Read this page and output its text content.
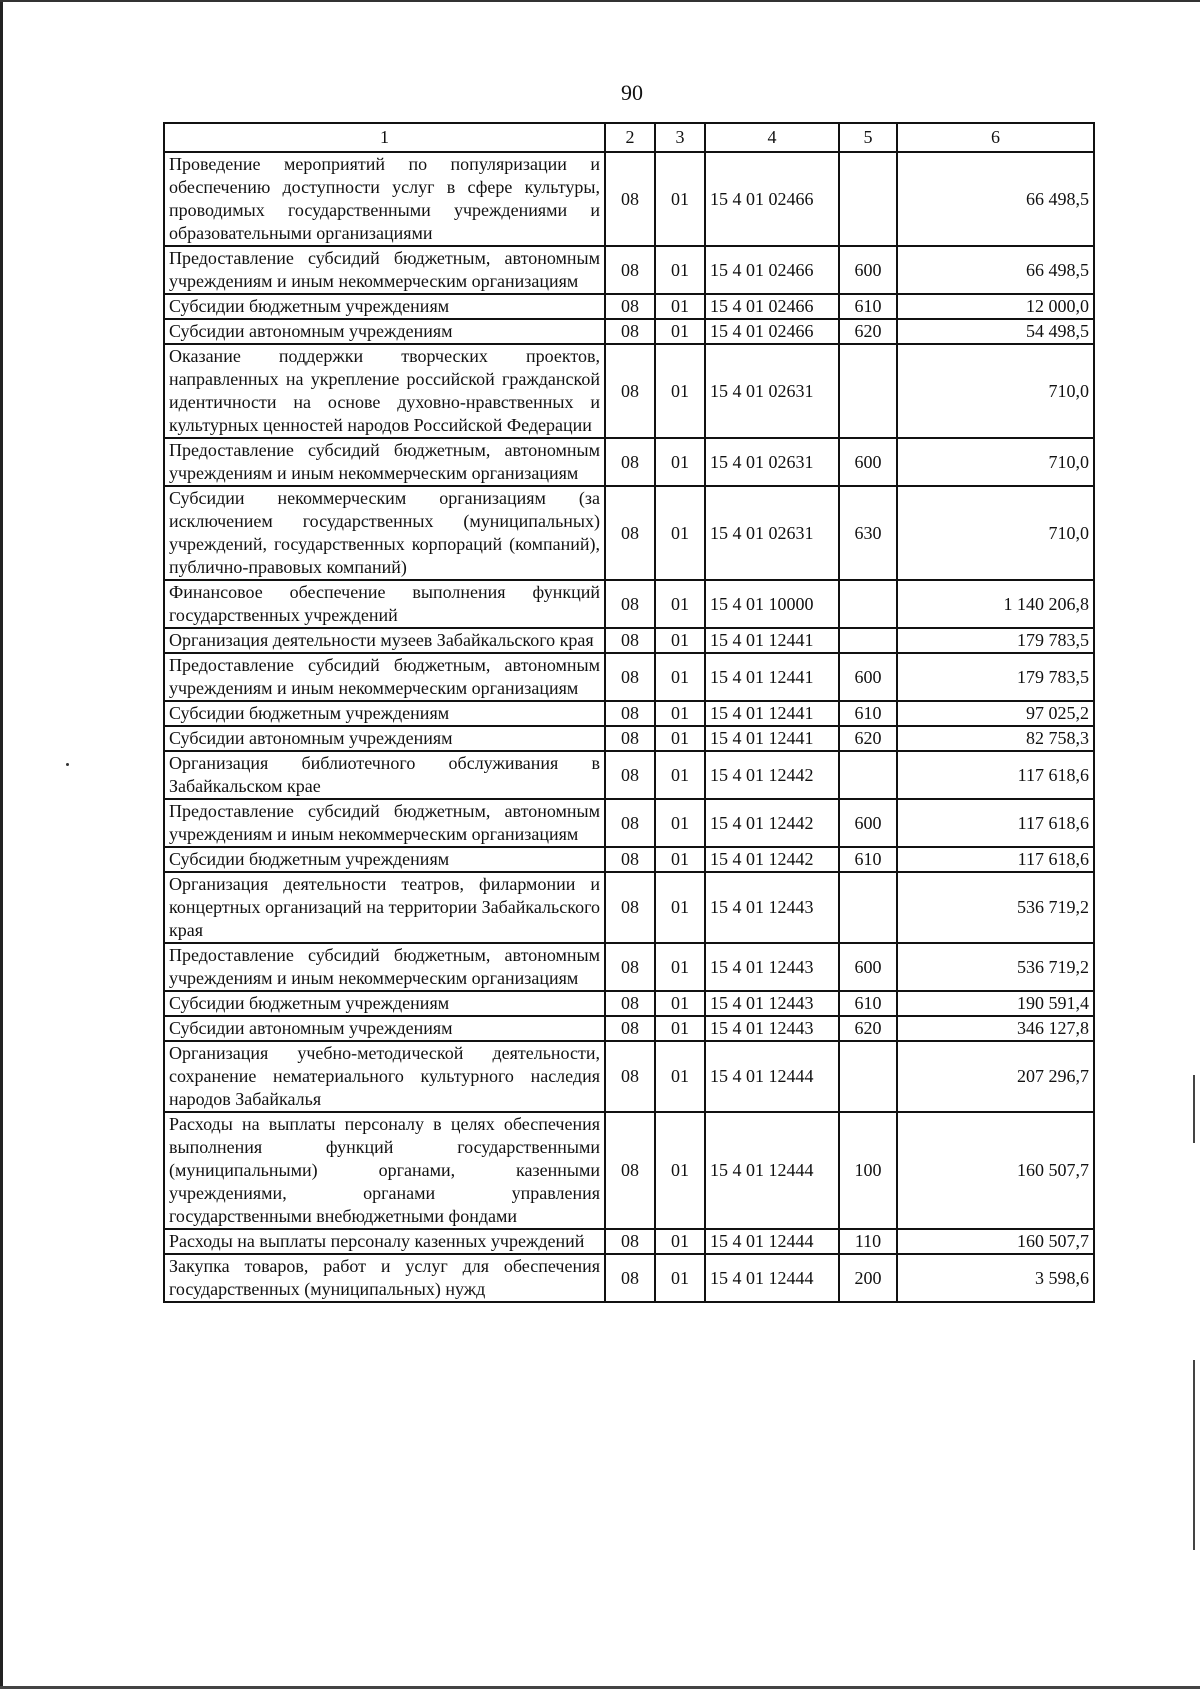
90
1	2	3	4	5	6
Проведение мероприятий по популяризации и обеспечению доступности услуг в сфере культуры, проводимых государственными учреждениями и образовательными организациями	08	01	15 4 01 02466		66 498,5
Предоставление субсидий бюджетным, автономным учреждениям и иным некоммерческим организациям	08	01	15 4 01 02466	600	66 498,5
Субсидии бюджетным учреждениям	08	01	15 4 01 02466	610	12 000,0
Субсидии автономным учреждениям	08	01	15 4 01 02466	620	54 498,5
Оказание поддержки творческих проектов, направленных на укрепление российской гражданской идентичности на основе духовно-нравственных и культурных ценностей народов Российской Федерации	08	01	15 4 01 02631		710,0
Предоставление субсидий бюджетным, автономным учреждениям и иным некоммерческим организациям	08	01	15 4 01 02631	600	710,0
Субсидии некоммерческим организациям (за исключением государственных (муниципальных) учреждений, государственных корпораций (компаний), публично-правовых компаний)	08	01	15 4 01 02631	630	710,0
Финансовое обеспечение выполнения функций государственных учреждений	08	01	15 4 01 10000		1 140 206,8
Организация деятельности музеев Забайкальского края	08	01	15 4 01 12441		179 783,5
Предоставление субсидий бюджетным, автономным учреждениям и иным некоммерческим организациям	08	01	15 4 01 12441	600	179 783,5
Субсидии бюджетным учреждениям	08	01	15 4 01 12441	610	97 025,2
Субсидии автономным учреждениям	08	01	15 4 01 12441	620	82 758,3
Организация библиотечного обслуживания в Забайкальском крае	08	01	15 4 01 12442		117 618,6
Предоставление субсидий бюджетным, автономным учреждениям и иным некоммерческим организациям	08	01	15 4 01 12442	600	117 618,6
Субсидии бюджетным учреждениям	08	01	15 4 01 12442	610	117 618,6
Организация деятельности театров, филармонии и концертных организаций на территории Забайкальского края	08	01	15 4 01 12443		536 719,2
Предоставление субсидий бюджетным, автономным учреждениям и иным некоммерческим организациям	08	01	15 4 01 12443	600	536 719,2
Субсидии бюджетным учреждениям	08	01	15 4 01 12443	610	190 591,4
Субсидии автономным учреждениям	08	01	15 4 01 12443	620	346 127,8
Организация учебно-методической деятельности, сохранение нематериального культурного наследия народов Забайкалья	08	01	15 4 01 12444		207 296,7
Расходы на выплаты персоналу в целях обеспечения выполнения функций государственными (муниципальными) органами, казенными учреждениями, органами управления государственными внебюджетными фондами	08	01	15 4 01 12444	100	160 507,7
Расходы на выплаты персоналу казенных учреждений	08	01	15 4 01 12444	110	160 507,7
Закупка товаров, работ и услуг для обеспечения государственных (муниципальных) нужд	08	01	15 4 01 12444	200	3 598,6
